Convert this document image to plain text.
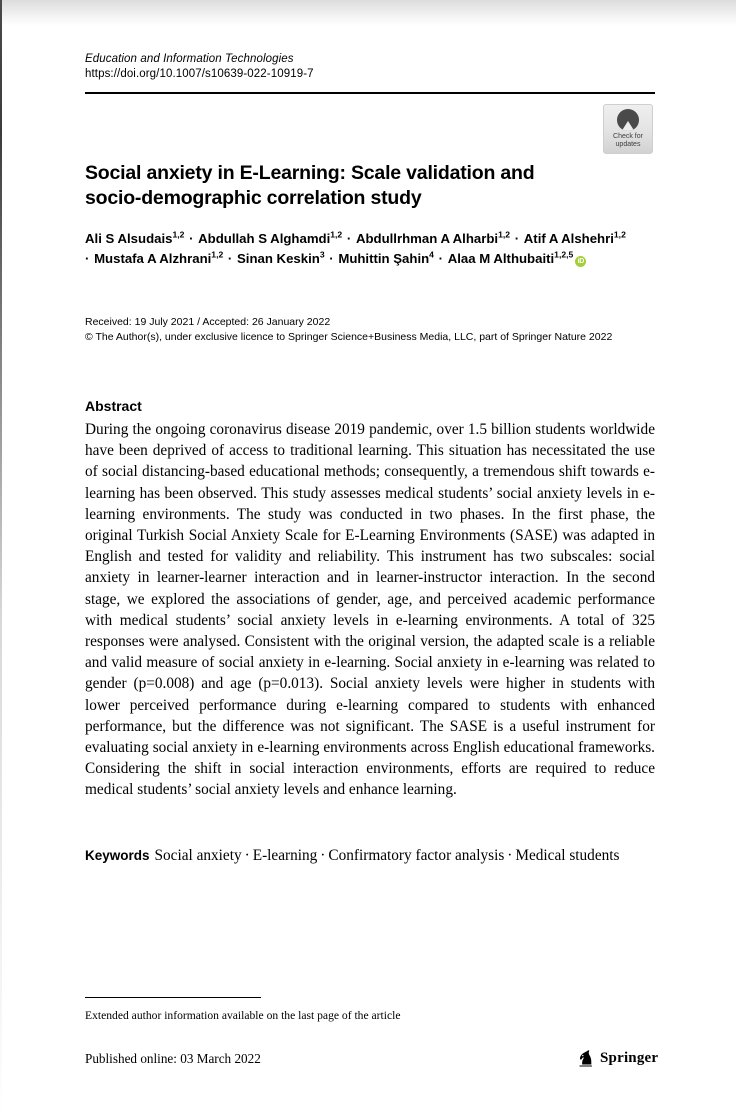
Education and Information Technologies
https://doi.org/10.1007/s10639-022-10919-7
Check for
updates
Social anxiety in E-Learning: Scale validation and socio-demographic correlation study
Ali S Alsudais$^{1,2}$ · Abdullah S Alghamdi$^{1,2}$ · Abdullrhman A Alharbi$^{1,2}$ · Atif A Alshehri$^{1,2}$ · Mustafa A Alzhrani$^{1,2}$ · Sinan Keskin$^3$ · Muhittin Şahin$^4$ · Alaa M Althubaiti$^{1,2,5}$iD
Received: 19 July 2021 / Accepted: 26 January 2022
© The Author(s), under exclusive licence to Springer Science+Business Media, LLC, part of Springer Nature 2022
Abstract
During the ongoing coronavirus disease 2019 pandemic, over 1.5 billion students worldwide have been deprived of access to traditional learning. This situation has necessitated the use of social distancing-based educational methods; consequently, a tremendous shift towards e-learning has been observed. This study assesses medical students’ social anxiety levels in e-learning environments. The study was conducted in two phases. In the first phase, the original Turkish Social Anxiety Scale for E-Learning Environments (SASE) was adapted in English and tested for validity and reliability. This instrument has two subscales: social anxiety in learner-learner interaction and in learner-instructor interaction. In the second stage, we explored the associations of gender, age, and perceived academic performance with medical students’ social anxiety levels in e-learning environments. A total of 325 responses were analysed. Consistent with the original version, the adapted scale is a reliable and valid measure of social anxiety in e-learning. Social anxiety in e-learning was related to gender (p=0.008) and age (p=0.013). Social anxiety levels were higher in students with lower perceived performance during e-learning compared to students with enhanced performance, but the difference was not significant. The SASE is a useful instrument for evaluating social anxiety in e-learning environments across English educational frameworks. Considering the shift in social interaction environments, efforts are required to reduce medical students’ social anxiety levels and enhance learning.
Keywords Social anxiety · E-learning · Confirmatory factor analysis · Medical students
Extended author information available on the last page of the article
Published online: 03 March 2022	Springer
